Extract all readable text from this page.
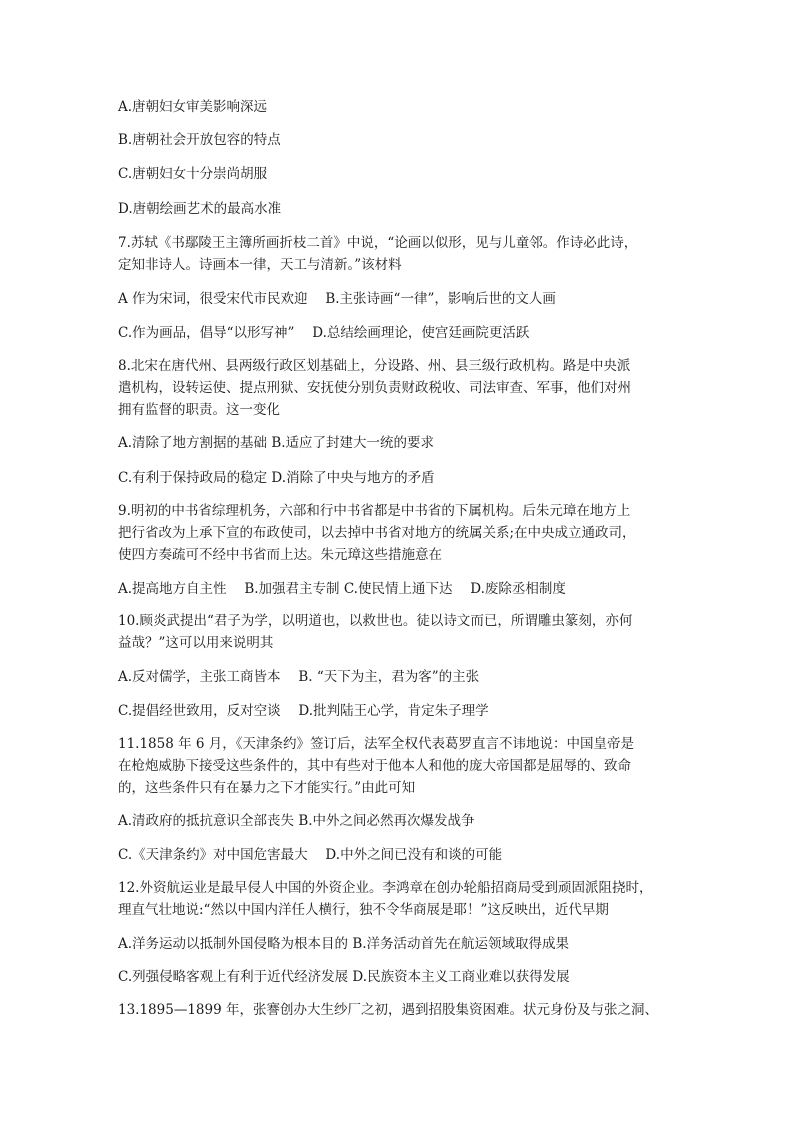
A.唐朝妇女审美影响深远
B.唐朝社会开放包容的特点
C.唐朝妇女十分崇尚胡服
D.唐朝绘画艺术的最高水准
7.苏轼《书鄢陵王主簿所画折枝二首》中说，“论画以似形，见与儿童邻。作诗必此诗，
定知非诗人。诗画本一律，天工与清新。”该材料
A 作为宋词，很受宋代市民欢迎　 B.主张诗画“一律”，影响后世的文人画
C.作为画品，倡导“以形写神”　 D.总结绘画理论，使宫廷画院更活跃
8.北宋在唐代州、县两级行政区划基础上，分设路、州、县三级行政机构。路是中央派
遣机构，设转运使、提点刑狱、安抚使分别负责财政税收、司法审查、军事，他们对州
拥有监督的职责。这一变化
A.清除了地方割据的基础 B.适应了封建大一统的要求
C.有利于保持政局的稳定 D.消除了中央与地方的矛盾
9.明初的中书省综理机务，六部和行中书省都是中书省的下属机构。后朱元璋在地方上
把行省改为上承下宣的布政使司，以去掉中书省对地方的统属关系;在中央成立通政司，
使四方奏疏可不经中书省而上达。朱元璋这些措施意在
A.提高地方自主性　 B.加强君主专制 C.使民情上通下达　 D.废除丞相制度
10.顾炎武提出“君子为学，以明道也，以救世也。徒以诗文而已，所谓雕虫篆刻，亦何
益哉？”这可以用来说明其
A.反对儒学，主张工商皆本　 B. “天下为主，君为客”的主张
C.提倡经世致用，反对空谈　 D.批判陆王心学，肯定朱子理学
11.1858 年 6 月，《天津条约》签订后，法军全权代表葛罗直言不讳地说：中国皇帝是
在枪炮威胁下接受这些条件的，其中有些对于他本人和他的庞大帝国都是屈辱的、致命
的，这些条件只有在暴力之下才能实行。”由此可知
A.清政府的抵抗意识全部丧失 B.中外之间必然再次爆发战争
C.《天津条约》对中国危害最大　 D.中外之间已没有和谈的可能
12.外资航运业是最早侵人中国的外资企业。李鸿章在创办轮船招商局受到顽固派阻挠时，
理直气壮地说:“然以中国内洋任人横行，独不令华商展是耶！”这反映出，近代早期
A.洋务运动以抵制外国侵略为根本目的 B.洋务活动首先在航运领域取得成果
C.列强侵略客观上有利于近代经济发展 D.民族资本主义工商业难以获得发展
13.1895—1899 年，张謇创办大生纱厂之初，遇到招股集资困难。状元身份及与张之洞、
